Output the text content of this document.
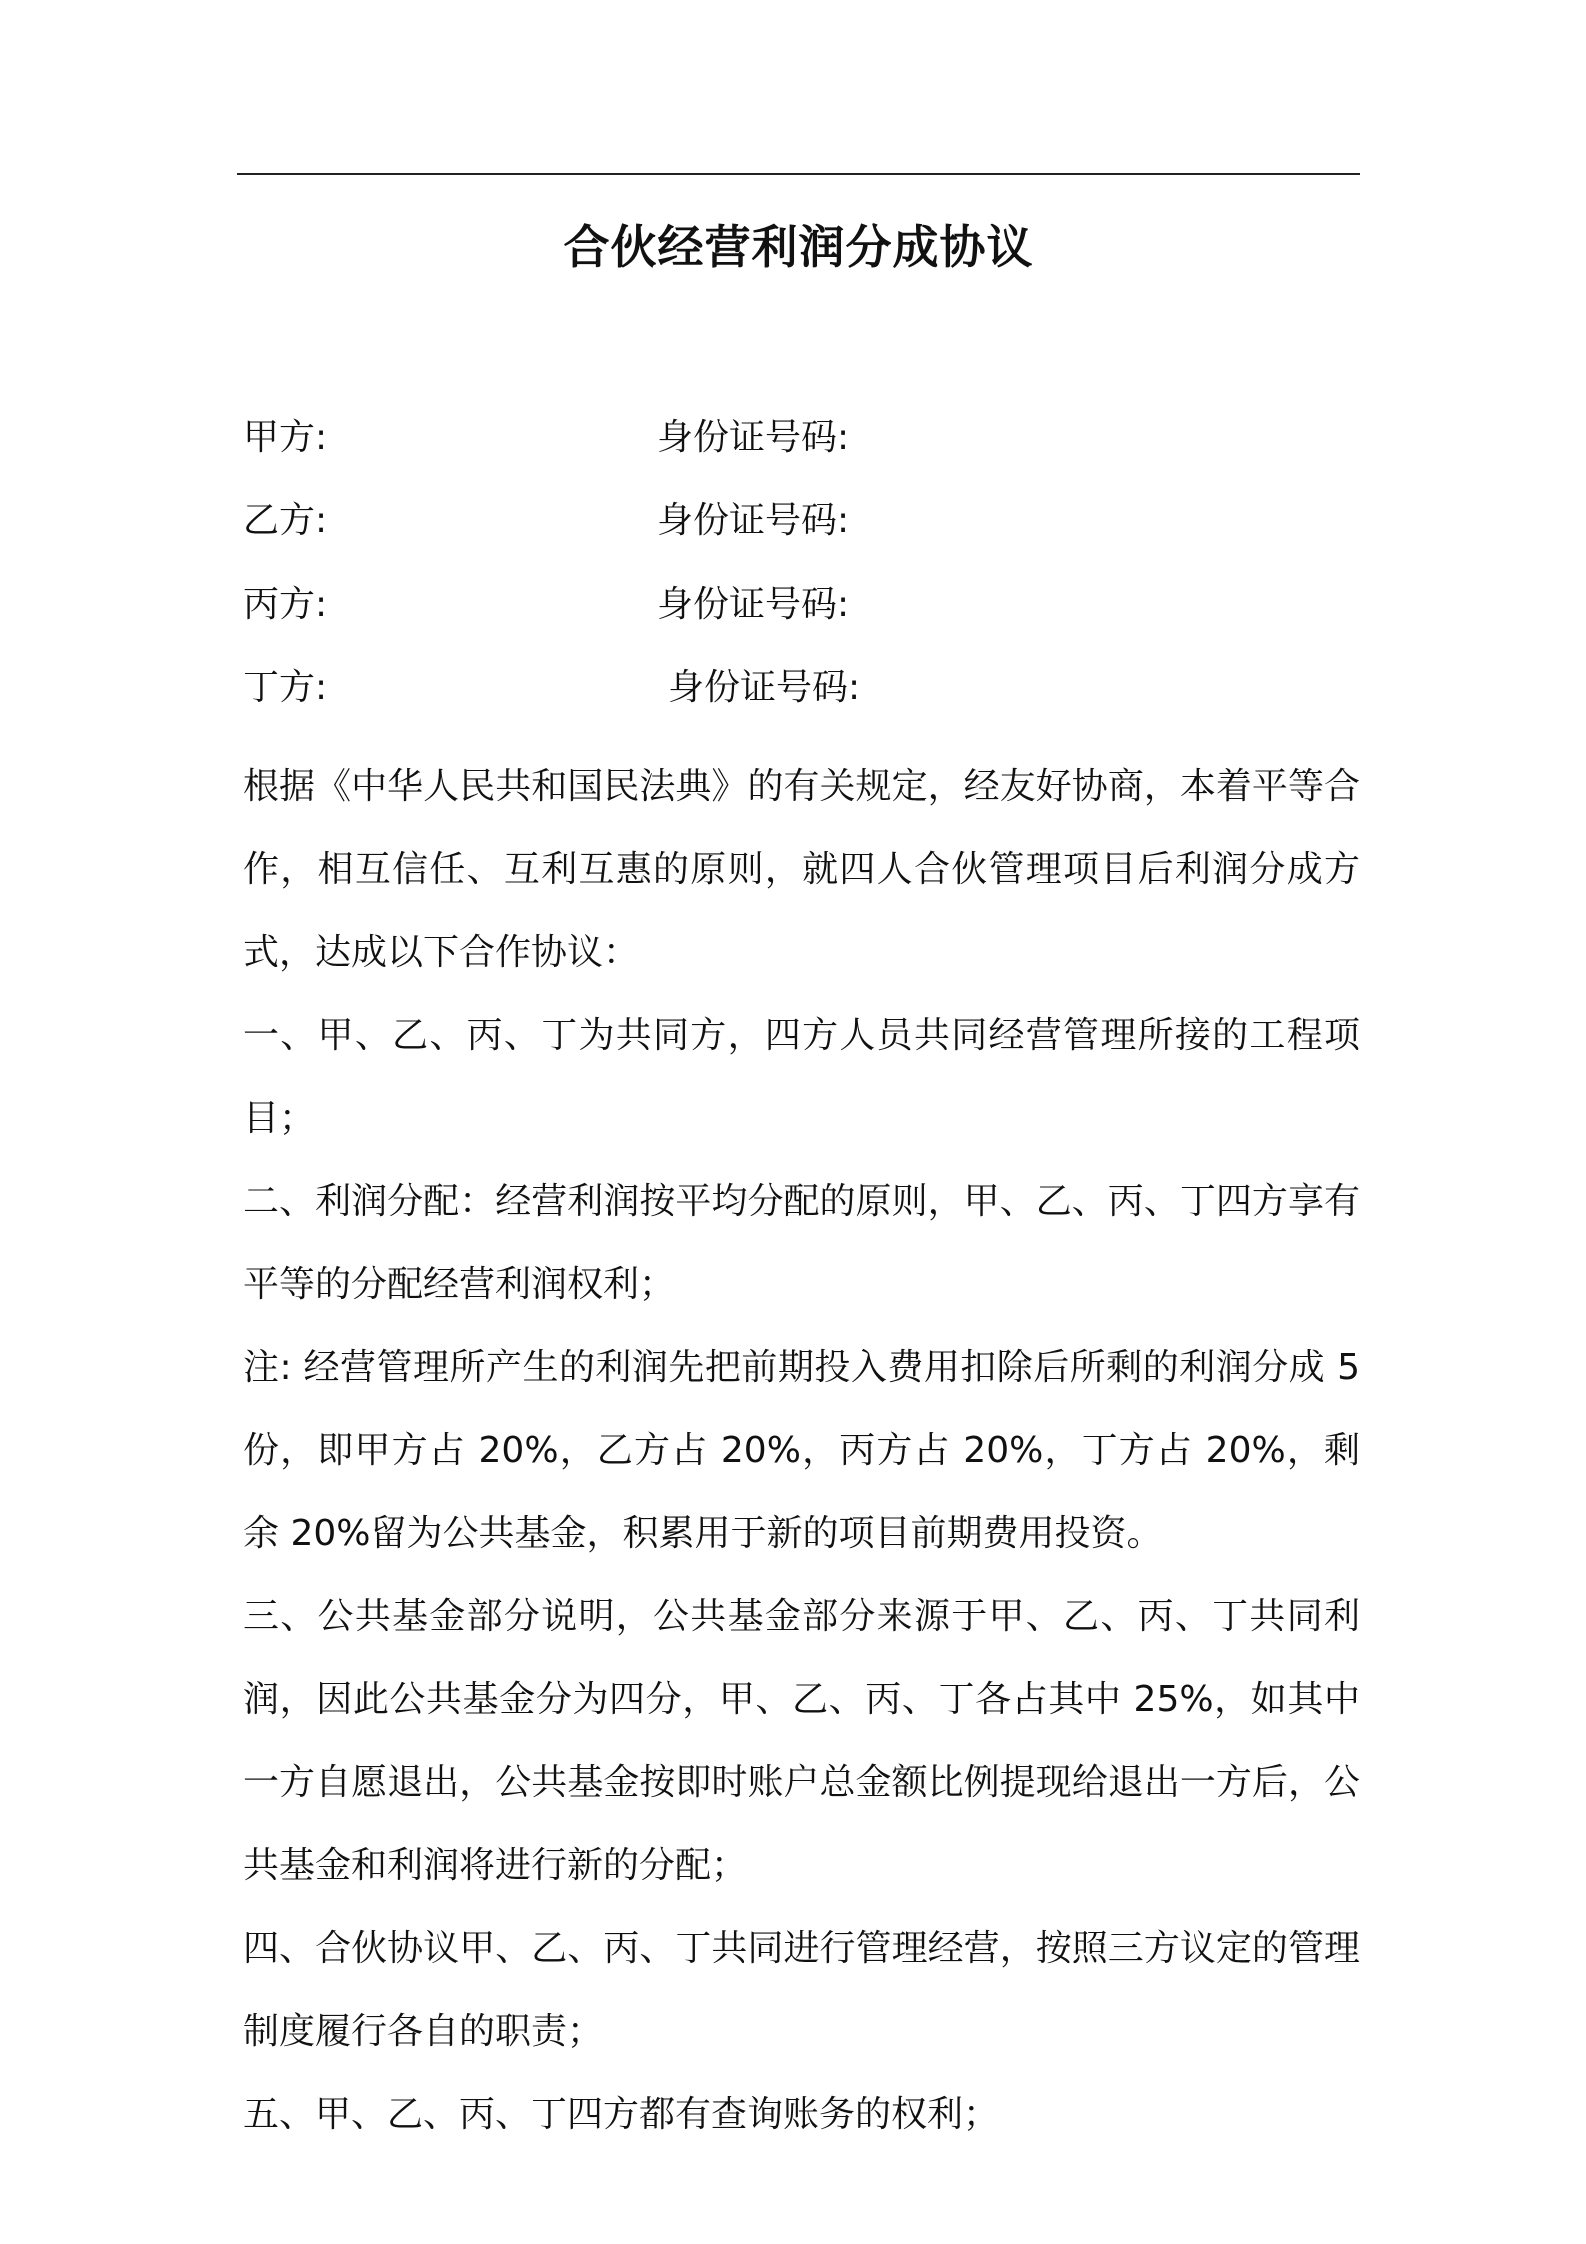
合伙经营利润分成协议
甲方:	身份证号码:
乙方:	身份证号码:
丙方:	身份证号码:
丁方:	身份证号码:

根据《中华人民共和国民法典》的有关规定，经友好协商，本着平等合作，相互信任、互利互惠的原则，就四人合伙管理项目后利润分成方式，达成以下合作协议：

一、甲、乙、丙、丁为共同方，四方人员共同经营管理所接的工程项目；

二、利润分配：经营利润按平均分配的原则，甲、乙、丙、丁四方享有平等的分配经营利润权利；

注: 经营管理所产生的利润先把前期投入费用扣除后所剩的利润分成 5 份，即甲方占 20%，乙方占 20%，丙方占 20%，丁方占 20%，剩余 20%留为公共基金，积累用于新的项目前期费用投资。

三、公共基金部分说明，公共基金部分来源于甲、乙、丙、丁共同利润，因此公共基金分为四分，甲、乙、丙、丁各占其中 25%，如其中一方自愿退出，公共基金按即时账户总金额比例提现给退出一方后，公共基金和利润将进行新的分配；

四、合伙协议甲、乙、丙、丁共同进行管理经营，按照三方议定的管理制度履行各自的职责；

五、甲、乙、丙、丁四方都有查询账务的权利；
